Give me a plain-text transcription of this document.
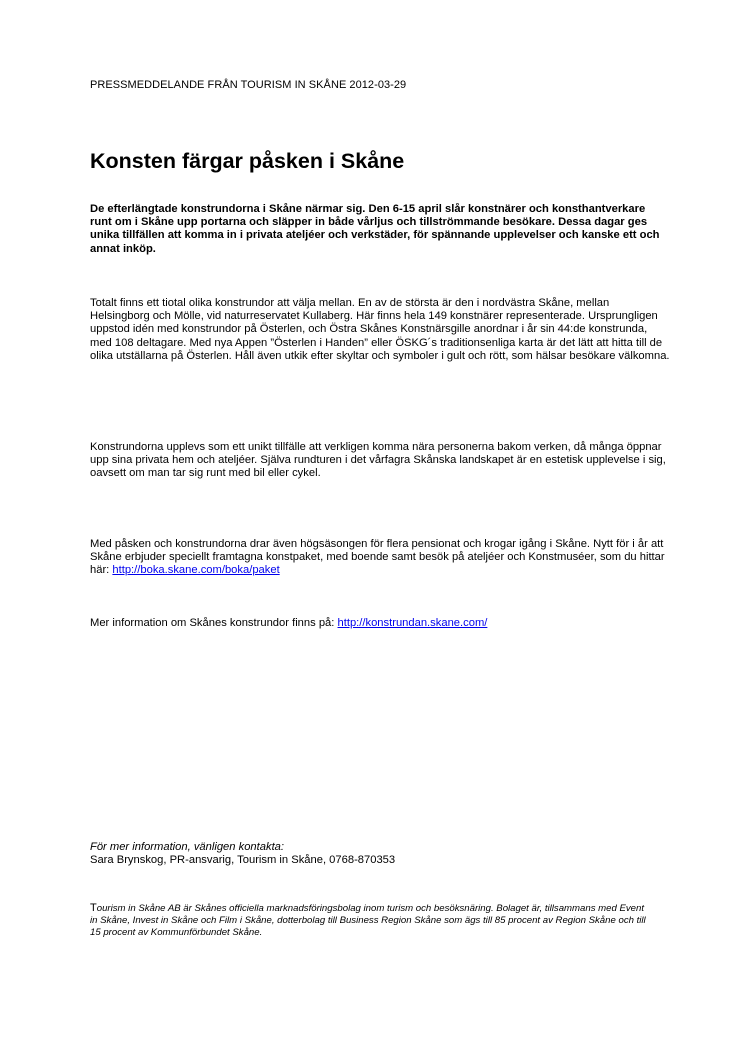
PRESSMEDDELANDE FRÅN TOURISM IN SKÅNE 2012-03-29
Konsten färgar påsken i Skåne

De efterlängtade konstrundorna i Skåne närmar sig. Den 6-15 april slår konstnärer och konsthantverkare runt om i Skåne upp portarna och släpper in både vårljus och tillströmmande besökare. Dessa dagar ges unika tillfällen att komma in i privata ateljéer och verkstäder, för spännande upplevelser och kanske ett och annat inköp.

Totalt finns ett tiotal olika konstrundor att välja mellan. En av de största är den i nordvästra Skåne, mellan Helsingborg och Mölle, vid naturreservatet Kullaberg. Här finns hela 149 konstnärer representerade. Ursprungligen uppstod idén med konstrundor på Österlen, och Östra Skånes Konstnärsgille anordnar i år sin 44:de konstrunda, med 108 deltagare. Med nya Appen ”Österlen i Handen” eller ÖSKG´s traditionsenliga karta är det lätt att hitta till de olika utställarna på Österlen. Håll även utkik efter skyltar och symboler i gult och rött, som hälsar besökare välkomna.

Konstrundorna upplevs som ett unikt tillfälle att verkligen komma nära personerna bakom verken, då många öppnar upp sina privata hem och ateljéer. Själva rundturen i det vårfagra Skånska landskapet är en estetisk upplevelse i sig, oavsett om man tar sig runt med bil eller cykel.

Med påsken och konstrundorna drar även högsäsongen för flera pensionat och krogar igång i Skåne. Nytt för i år att Skåne erbjuder speciellt framtagna konstpaket, med boende samt besök på ateljéer och Konstmuséer, som du hittar här: http://boka.skane.com/boka/paket

Mer information om Skånes konstrundor finns på: http://konstrundan.skane.com/

För mer information, vänligen kontakta:
Sara Brynskog, PR-ansvarig, Tourism in Skåne, 0768-870353

Tourism in Skåne AB är Skånes officiella marknadsföringsbolag inom turism och besöksnäring. Bolaget är, tillsammans med Event in Skåne, Invest in Skåne och Film i Skåne, dotterbolag till Business Region Skåne som ägs till 85 procent av Region Skåne och till 15 procent av Kommunförbundet Skåne.
